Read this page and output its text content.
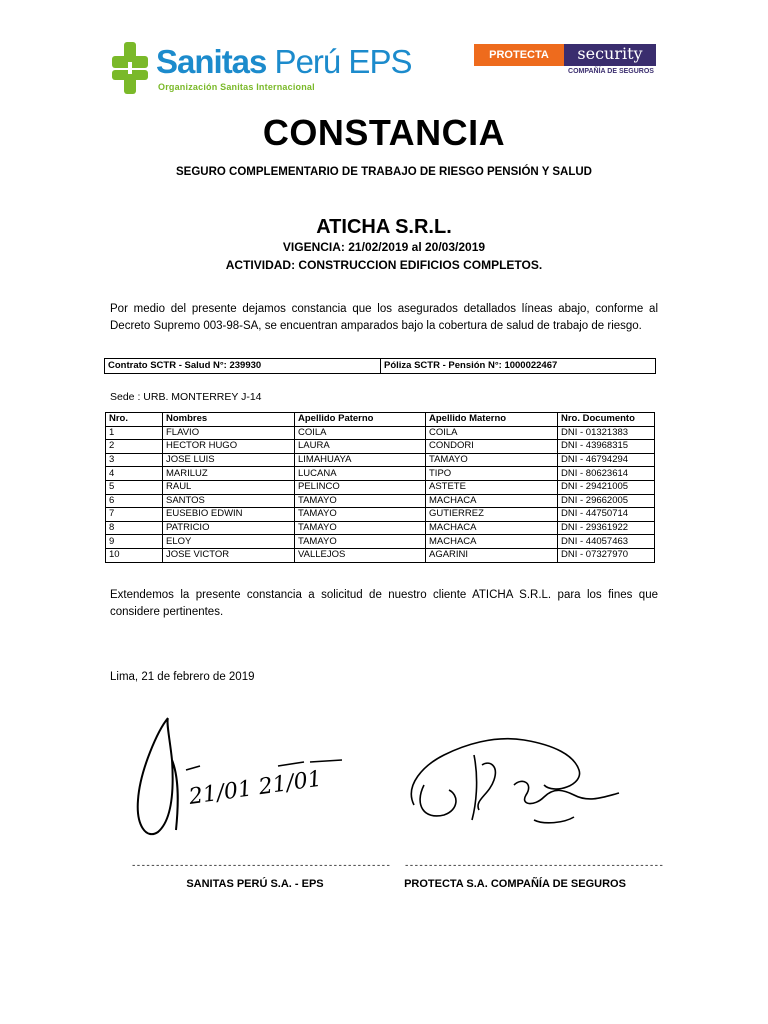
Sanitas Perú EPS
Organización Sanitas Internacional
PROTECTA	security
COMPAÑÍA DE SEGUROS
CONSTANCIA
SEGURO COMPLEMENTARIO DE TRABAJO DE RIESGO PENSIÓN Y SALUD
ATICHA S.R.L.
VIGENCIA: 21/02/2019 al 20/03/2019
ACTIVIDAD: CONSTRUCCION EDIFICIOS COMPLETOS.
Por medio del presente dejamos constancia que los asegurados detallados líneas abajo, conforme al Decreto Supremo 003-98-SA, se encuentran amparados bajo la cobertura de salud de trabajo de riesgo.
Contrato SCTR - Salud N°: 239930	Póliza SCTR - Pensión N°: 1000022467
Sede : URB. MONTERREY J-14
Nro.	Nombres	Apellido Paterno	Apellido Materno	Nro. Documento
1	FLAVIO	COILA	COILA	DNI - 01321383
2	HECTOR HUGO	LAURA	CONDORI	DNI - 43968315
3	JOSE LUIS	LIMAHUAYA	TAMAYO	DNI - 46794294
4	MARILUZ	LUCANA	TIPO	DNI - 80623614
5	RAUL	PELINCO	ASTETE	DNI - 29421005
6	SANTOS	TAMAYO	MACHACA	DNI - 29662005
7	EUSEBIO EDWIN	TAMAYO	GUTIERREZ	DNI - 44750714
8	PATRICIO	TAMAYO	MACHACA	DNI - 29361922
9	ELOY	TAMAYO	MACHACA	DNI - 44057463
10	JOSE VICTOR	VALLEJOS	AGARINI	DNI - 07327970
Extendemos la presente constancia a solicitud de nuestro cliente ATICHA S.R.L. para los fines que considere pertinentes.
Lima, 21 de febrero de 2019
21/01 21/01
------------------------------------------------------ ------------------------------------------------------
SANITAS PERÚ S.A. - EPS	PROTECTA S.A. COMPAÑÍA DE SEGUROS
